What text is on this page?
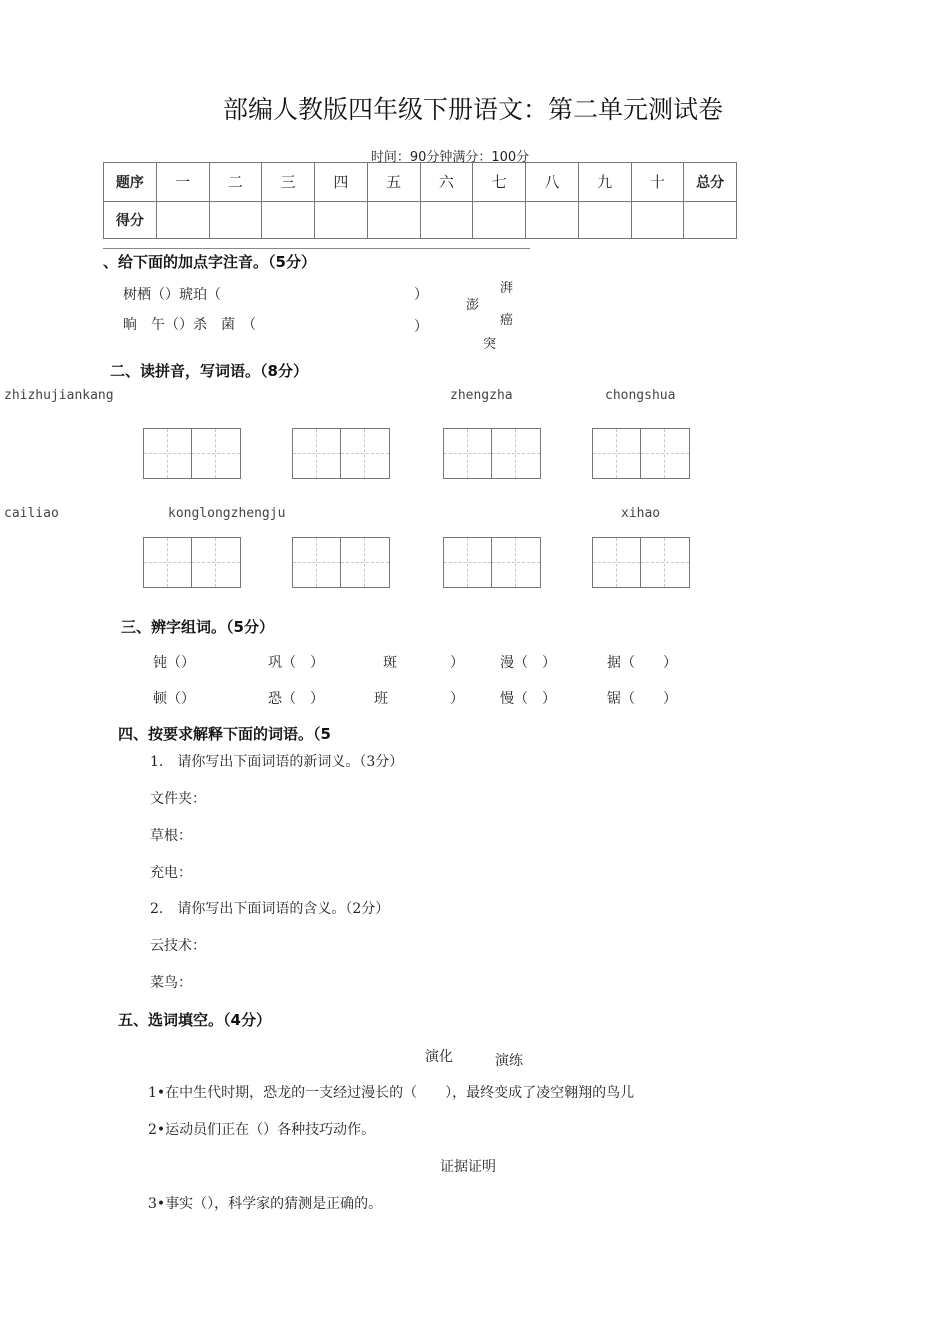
部编人教版四年级下册语文：第二单元测试卷
时间：90分钟满分：100分
题序	一	二	三	四	五	六	七	八	九	十	总分
得分											
、给下面的加点字注音。（5分）
树栖（）琥珀（	）
澎
湃
晌　午（）杀　菌　（	）	癌
突
二、读拼音，写词语。（8分）
zhizhujiankang	zhengzha	chongshua
cailiao	konglongzhengju	xihao
三、辨字组词。（5分）
钝（）	巩（　）	斑	）	漫（　）	据（　　）
顿（）	恐（　）	班	）	慢（　）	锯（　　）
四、按要求解释下面的词语。（5
1.　请你写出下面词语的新词义。（3分）
文件夹：
草根：
充电：
2.　请你写出下面词语的含义。（2分）
云技术：
菜鸟：
五、选词填空。（4分）
演化	演练
1•在中生代时期，恐龙的一支经过漫长的（　　），最终变成了凌空翱翔的鸟儿
2•运动员们正在（）各种技巧动作。
证据证明
3•事实（），科学家的猜测是正确的。
